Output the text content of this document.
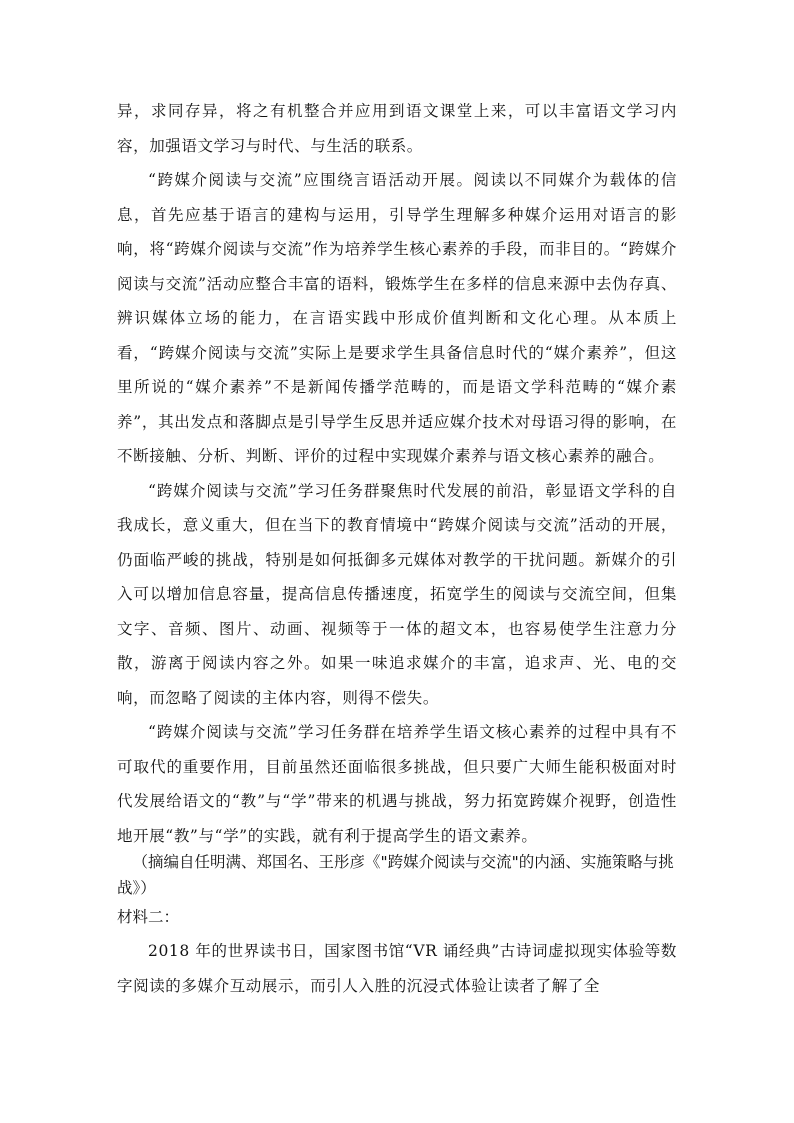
异，求同存异，将之有机整合并应用到语文课堂上来，可以丰富语文学习内容，加强语文学习与时代、与生活的联系。

“跨媒介阅读与交流”应围绕言语活动开展。阅读以不同媒介为载体的信息，首先应基于语言的建构与运用，引导学生理解多种媒介运用对语言的影响，将“跨媒介阅读与交流”作为培养学生核心素养的手段，而非目的。“跨媒介阅读与交流”活动应整合丰富的语料，锻炼学生在多样的信息来源中去伪存真、辨识媒体立场的能力，在言语实践中形成价值判断和文化心理。从本质上看，“跨媒介阅读与交流”实际上是要求学生具备信息时代的“媒介素养”，但这里所说的“媒介素养”不是新闻传播学范畴的，而是语文学科范畴的“媒介素养”，其出发点和落脚点是引导学生反思并适应媒介技术对母语习得的影响，在不断接触、分析、判断、评价的过程中实现媒介素养与语文核心素养的融合。

“跨媒介阅读与交流”学习任务群聚焦时代发展的前沿，彰显语文学科的自我成长，意义重大，但在当下的教育情境中“跨媒介阅读与交流”活动的开展，仍面临严峻的挑战，特别是如何抵御多元媒体对教学的干扰问题。新媒介的引入可以增加信息容量，提高信息传播速度，拓宽学生的阅读与交流空间，但集文字、音频、图片、动画、视频等于一体的超文本，也容易使学生注意力分散，游离于阅读内容之外。如果一味追求媒介的丰富，追求声、光、电的交响，而忽略了阅读的主体内容，则得不偿失。

“跨媒介阅读与交流”学习任务群在培养学生语文核心素养的过程中具有不可取代的重要作用，目前虽然还面临很多挑战，但只要广大师生能积极面对时代发展给语文的“教”与“学”带来的机遇与挑战，努力拓宽跨媒介视野，创造性地开展“教”与“学”的实践，就有利于提高学生的语文素养。

（摘编自任明满、郑国名、王彤彦《"跨媒介阅读与交流"的内涵、实施策略与挑战》）
材料二：

2018 年的世界读书日，国家图书馆“VR 诵经典”古诗词虚拟现实体验等数字阅读的多媒介互动展示，而引人入胜的沉浸式体验让读者了解了全
